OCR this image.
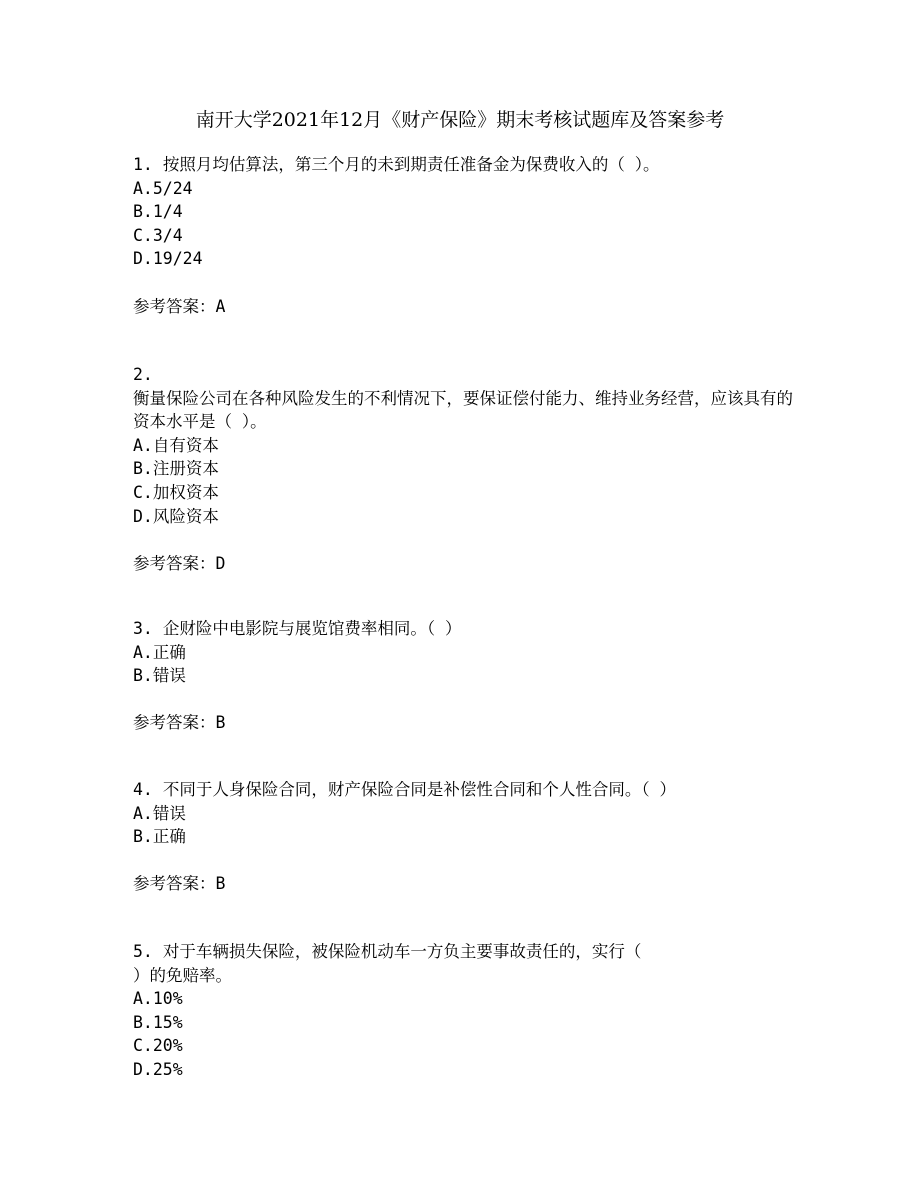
南开大学2021年12月《财产保险》期末考核试题库及答案参考
1. 按照月均估算法，第三个月的未到期责任准备金为保费收入的（ ）。
A.5/24
B.1/4
C.3/4
D.19/24
参考答案：A
2.
衡量保险公司在各种风险发生的不利情况下，要保证偿付能力、维持业务经营，应该具有的资本水平是（ ）。
A.自有资本
B.注册资本
C.加权资本
D.风险资本
参考答案：D
3. 企财险中电影院与展览馆费率相同。（ ）
A.正确
B.错误
参考答案：B
4. 不同于人身保险合同，财产保险合同是补偿性合同和个人性合同。（ ）
A.错误
B.正确
参考答案：B
5. 对于车辆损失保险，被保险机动车一方负主要事故责任的，实行（
）的免赔率。
A.10%
B.15%
C.20%
D.25%
